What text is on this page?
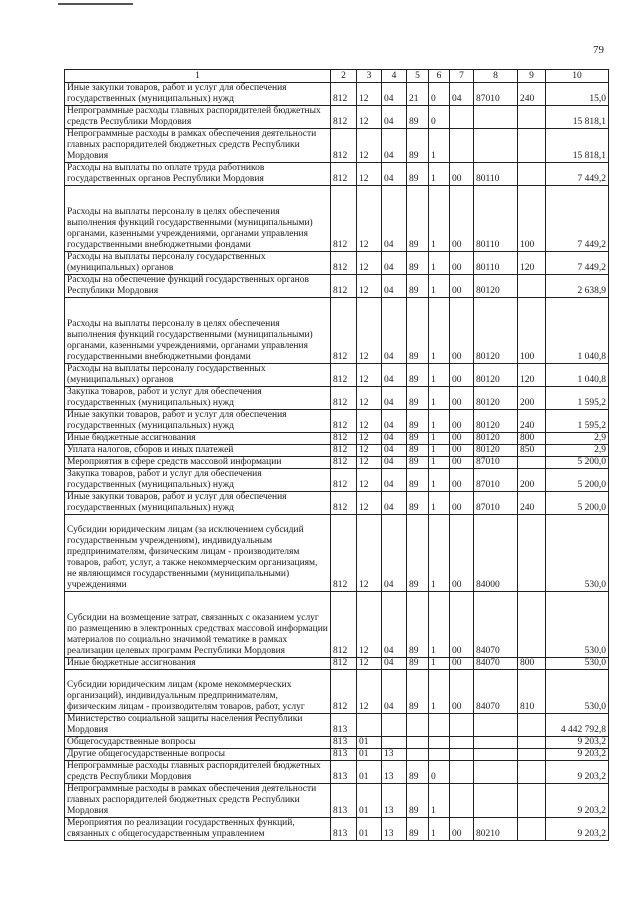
79
1	2	3	4	5	6	7	8	9	10
Иные закупки товаров, работ и услуг для обеспечения государственных (муниципальных) нужд	812	12	04	21	0	04	87010	240	15,0
Непрограммные расходы главных распорядителей бюджетных средств Республики Мордовия	812	12	04	89	0				15 818,1
Непрограммные расходы в рамках обеспечения деятельности главных распорядителей бюджетных средств Республики Мордовия	812	12	04	89	1				15 818,1
Расходы на выплаты по оплате труда работников государственных органов Республики Мордовия	812	12	04	89	1	00	80110		7 449,2
Расходы на выплаты персоналу в целях обеспечения выполнения функций государственными (муниципальными) органами, казенными учреждениями, органами управления государственными внебюджетными фондами	812	12	04	89	1	00	80110	100	7 449,2
Расходы на выплаты персоналу государственных (муниципальных) органов	812	12	04	89	1	00	80110	120	7 449,2
Расходы на обеспечение функций государственных органов Республики Мордовия	812	12	04	89	1	00	80120		2 638,9
Расходы на выплаты персоналу в целях обеспечения выполнения функций государственными (муниципальными) органами, казенными учреждениями, органами управления государственными внебюджетными фондами	812	12	04	89	1	00	80120	100	1 040,8
Расходы на выплаты персоналу государственных (муниципальных) органов	812	12	04	89	1	00	80120	120	1 040,8
Закупка товаров, работ и услуг для обеспечения государственных (муниципальных) нужд	812	12	04	89	1	00	80120	200	1 595,2
Иные закупки товаров, работ и услуг для обеспечения государственных (муниципальных) нужд	812	12	04	89	1	00	80120	240	1 595,2
Иные бюджетные ассигнования	812	12	04	89	1	00	80120	800	2,9
Уплата налогов, сборов и иных платежей	812	12	04	89	1	00	80120	850	2,9
Мероприятия в сфере средств массовой информации	812	12	04	89	1	00	87010		5 200,0
Закупка товаров, работ и услуг для обеспечения государственных (муниципальных) нужд	812	12	04	89	1	00	87010	200	5 200,0
Иные закупки товаров, работ и услуг для обеспечения государственных (муниципальных) нужд	812	12	04	89	1	00	87010	240	5 200,0
Субсидии юридическим лицам (за исключением субсидий государственным учреждениям), индивидуальным предпринимателям, физическим лицам - производителям товаров, работ, услуг, а также некоммерческим организациям, не являющимся государственными (муниципальными) учреждениями	812	12	04	89	1	00	84000		530,0
Субсидии на возмещение затрат, связанных с оказанием услуг по размещению в электронных средствах массовой информации материалов по социально значимой тематике в рамках реализации целевых программ Республики Мордовия	812	12	04	89	1	00	84070		530,0
Иные бюджетные ассигнования	812	12	04	89	1	00	84070	800	530,0
Субсидии юридическим лицам (кроме некоммерческих организаций), индивидуальным предпринимателям, физическим лицам - производителям товаров, работ, услуг	812	12	04	89	1	00	84070	810	530,0
Министерство социальной защиты населения Республики Мордовия	813								4 442 792,8
Общегосударственные вопросы	813	01							9 203,2
Другие общегосударственные вопросы	813	01	13						9 203,2
Непрограммные расходы главных распорядителей бюджетных средств Республики Мордовия	813	01	13	89	0				9 203,2
Непрограммные расходы в рамках обеспечения деятельности главных распорядителей бюджетных средств Республики Мордовия	813	01	13	89	1				9 203,2
Мероприятия по реализации государственных функций, связанных с общегосударственным управлением	813	01	13	89	1	00	80210		9 203,2
